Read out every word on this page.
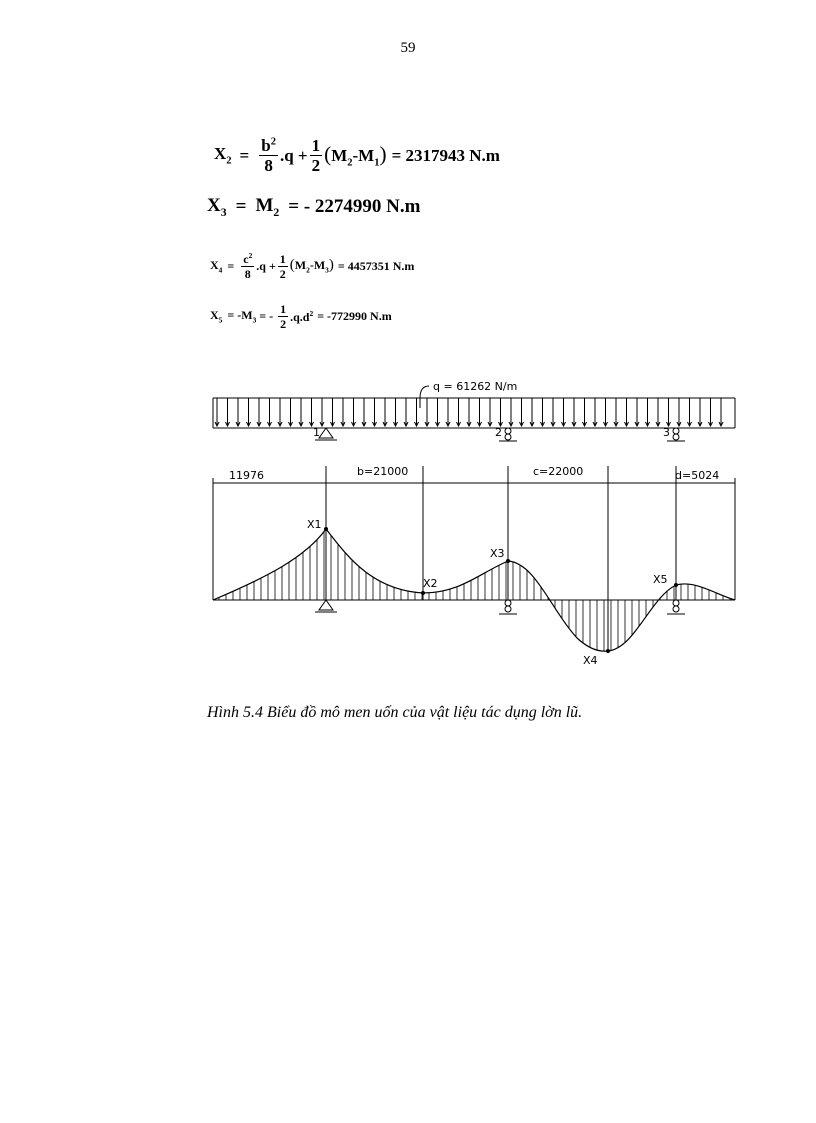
59
$X_2 = \frac{b^2}{8} .q + \frac{1}{2} (M_2-M_1) = 2317943$ N.m
$X_3 = M_2$ = - 2274990 N.m
$X_4 = \frac{c^2}{8} .q + \frac{1}{2} (M_2-M_3) = 4457351$ N.m
$X_5 = -M_3$ = - $\frac{1}{2} .q.d^2 = -772990$ N.m
q = 61262 N/m
1	2	3
11976	b=21000	c=22000	d=5024
X1
X2
X3
X4
X5
Hình 5.4 Biểu đồ mô men uốn của vật liệu tác dụng lờn lũ.
